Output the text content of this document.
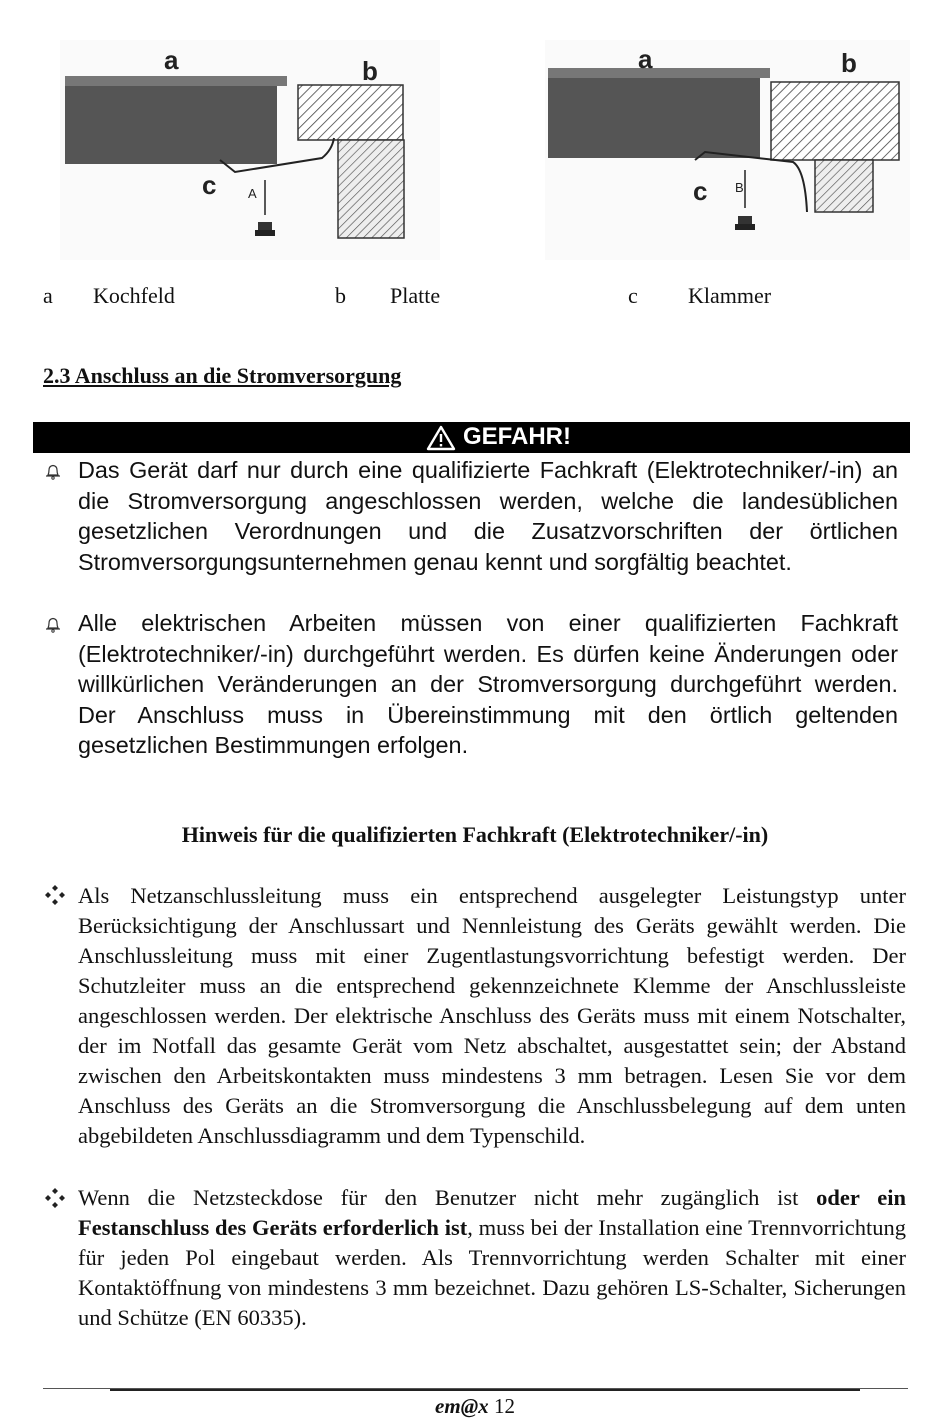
a	b
c A
a	b
c B
a Kochfeld	b Platte	c Klammer
2.3 Anschluss an die Stromversorgung
GEFAHR!
Das Gerät darf nur durch eine qualifizierte Fachkraft (Elektrotechniker/-in) an die Stromversorgung angeschlossen werden, welche die landesüblichen gesetzlichen Verordnungen und die Zusatzvorschriften der örtlichen Stromversorgungsunternehmen genau kennt und sorgfältig beachtet.
Alle elektrischen Arbeiten müssen von einer qualifizierten Fachkraft (Elektrotechniker/-in) durchgeführt werden. Es dürfen keine Änderungen oder willkürlichen Veränderungen an der Stromversorgung durchgeführt werden. Der Anschluss muss in Übereinstimmung mit den örtlich geltenden gesetzlichen Bestimmungen erfolgen.
Hinweis für die qualifizierten Fachkraft (Elektrotechniker/-in)
Als Netzanschlussleitung muss ein entsprechend ausgelegter Leistungstyp unter Berücksichtigung der Anschlussart und Nennleistung des Geräts gewählt werden. Die Anschlussleitung muss mit einer Zugentlastungsvorrichtung befestigt werden. Der Schutzleiter muss an die entsprechend gekennzeichnete Klemme der Anschlussleiste angeschlossen werden. Der elektrische Anschluss des Geräts muss mit einem Notschalter, der im Notfall das gesamte Gerät vom Netz abschaltet, ausgestattet sein; der Abstand zwischen den Arbeitskontakten muss mindestens 3 mm betragen. Lesen Sie vor dem Anschluss des Geräts an die Stromversorgung die Anschlussbelegung auf dem unten abgebildeten Anschlussdiagramm und dem Typenschild.
Wenn die Netzsteckdose für den Benutzer nicht mehr zugänglich ist oder ein Festanschluss des Geräts erforderlich ist, muss bei der Installation eine Trennvorrichtung für jeden Pol eingebaut werden. Als Trennvorrichtung werden Schalter mit einer Kontaktöffnung von mindestens 3 mm bezeichnet. Dazu gehören LS-Schalter, Sicherungen und Schütze (EN 60335).
em@x 12
